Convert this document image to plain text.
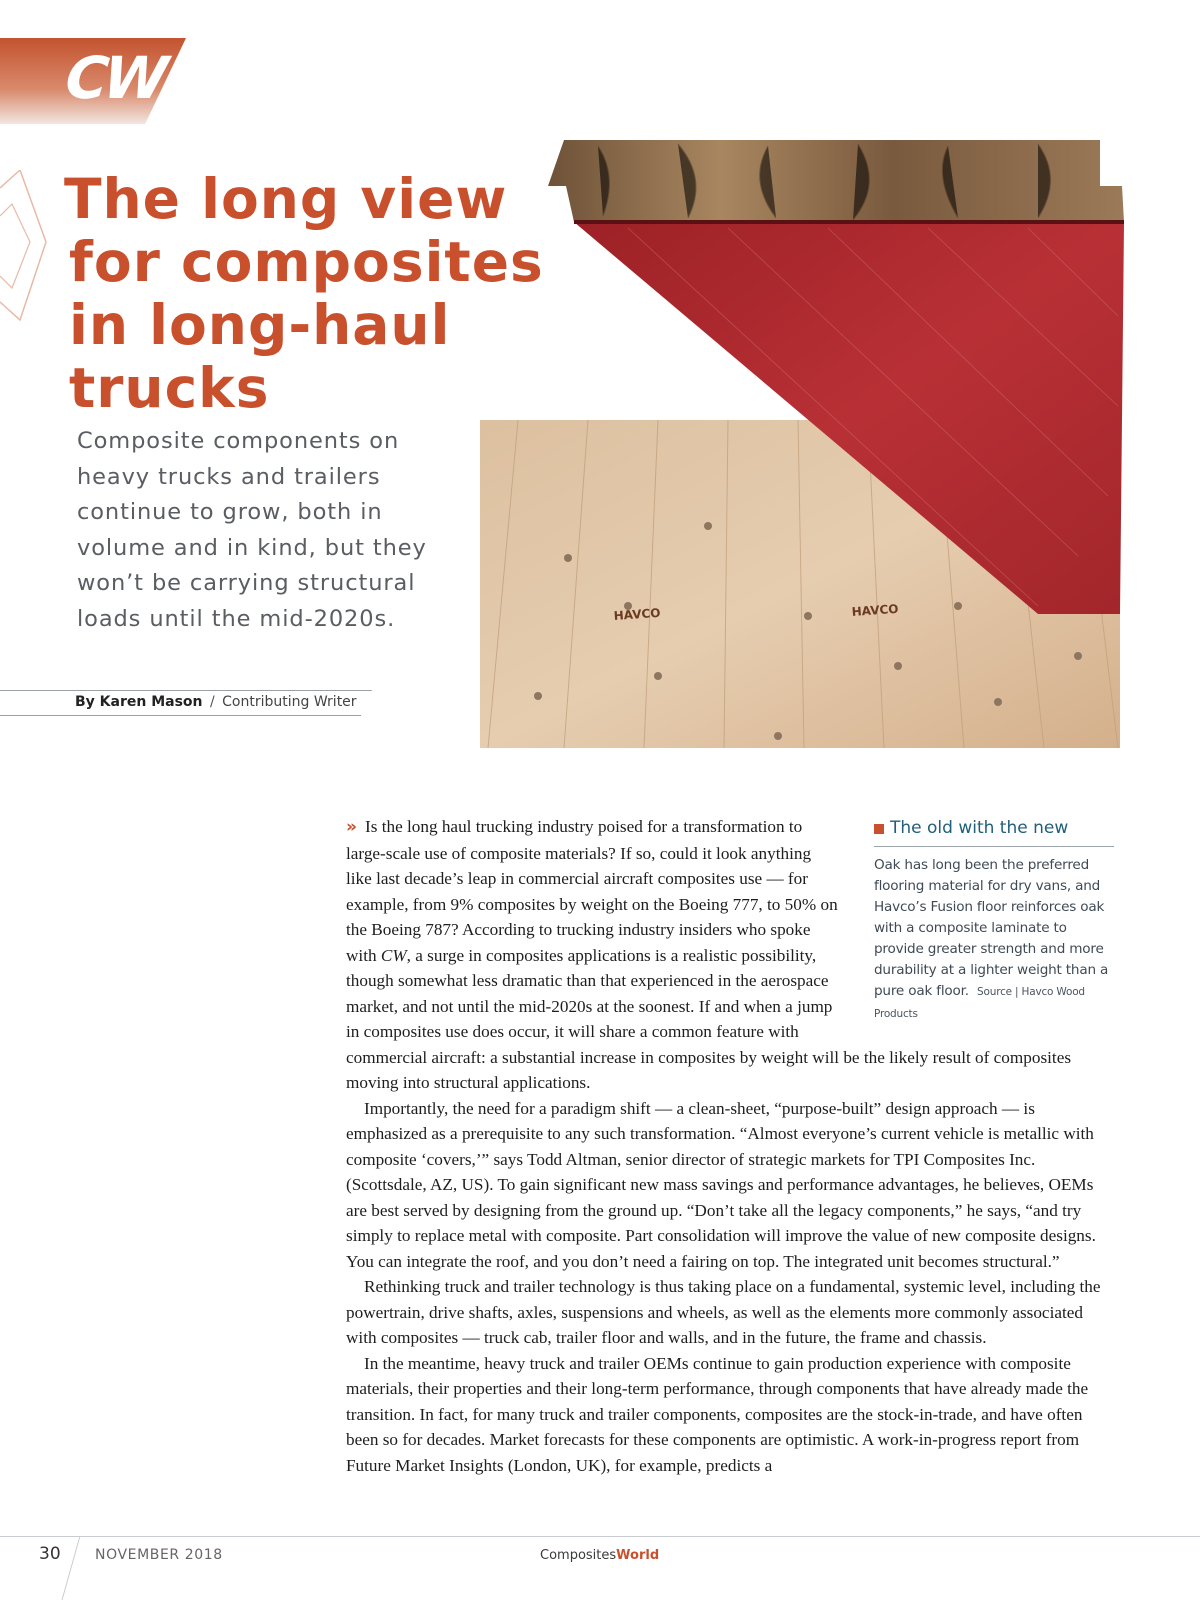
CW
The long view
for composites
in long-haul trucks
HAVCO	HAVCO

Composite components on heavy trucks and trailers continue to grow, both in volume and in kind, but they won’t be carrying structural loads until the mid-2020s.

By Karen Mason / Contributing Writer
The old with the new
Oak has long been the preferred flooring material for dry vans, and Havco’s Fusion floor reinforces oak with a composite laminate to provide greater strength and more durability at a lighter weight than a pure oak floor. Source | Havco Wood Products

» Is the long haul trucking industry poised for a transformation to large-scale use of composite materials? If so, could it look anything like last decade’s leap in commercial aircraft composites use — for example, from 9% composites by weight on the Boeing 777, to 50% on the Boeing 787? According to trucking industry insiders who spoke with CW, a surge in composites applications is a realistic possibility, though somewhat less dramatic than that experienced in the aerospace market, and not until the mid-2020s at the soonest. If and when a jump in composites use does occur, it will share a common feature with commercial aircraft: a substantial increase in composites by weight will be the likely result of composites moving into structural applications.

Importantly, the need for a paradigm shift — a clean-sheet, “purpose-built” design approach — is emphasized as a prerequisite to any such transformation. “Almost everyone’s current vehicle is metallic with composite ‘covers,’” says Todd Altman, senior director of strategic markets for TPI Composites Inc. (Scottsdale, AZ, US). To gain significant new mass savings and performance advantages, he believes, OEMs are best served by designing from the ground up. “Don’t take all the legacy components,” he says, “and try simply to replace metal with composite. Part consolidation will improve the value of new composite designs. You can integrate the roof, and you don’t need a fairing on top. The integrated unit becomes structural.”

Rethinking truck and trailer technology is thus taking place on a fundamental, systemic level, including the powertrain, drive shafts, axles, suspensions and wheels, as well as the elements more commonly associated with composites — truck cab, trailer floor and walls, and in the future, the frame and chassis.

In the meantime, heavy truck and trailer OEMs continue to gain production experience with composite materials, their properties and their long-term performance, through components that have already made the transition. In fact, for many truck and trailer components, composites are the stock-in-trade, and have often been so for decades. Market forecasts for these components are optimistic. A work-in-progress report from Future Market Insights (London, UK), for example, predicts a

30 NOVEMBER 2018	CompositesWorld
